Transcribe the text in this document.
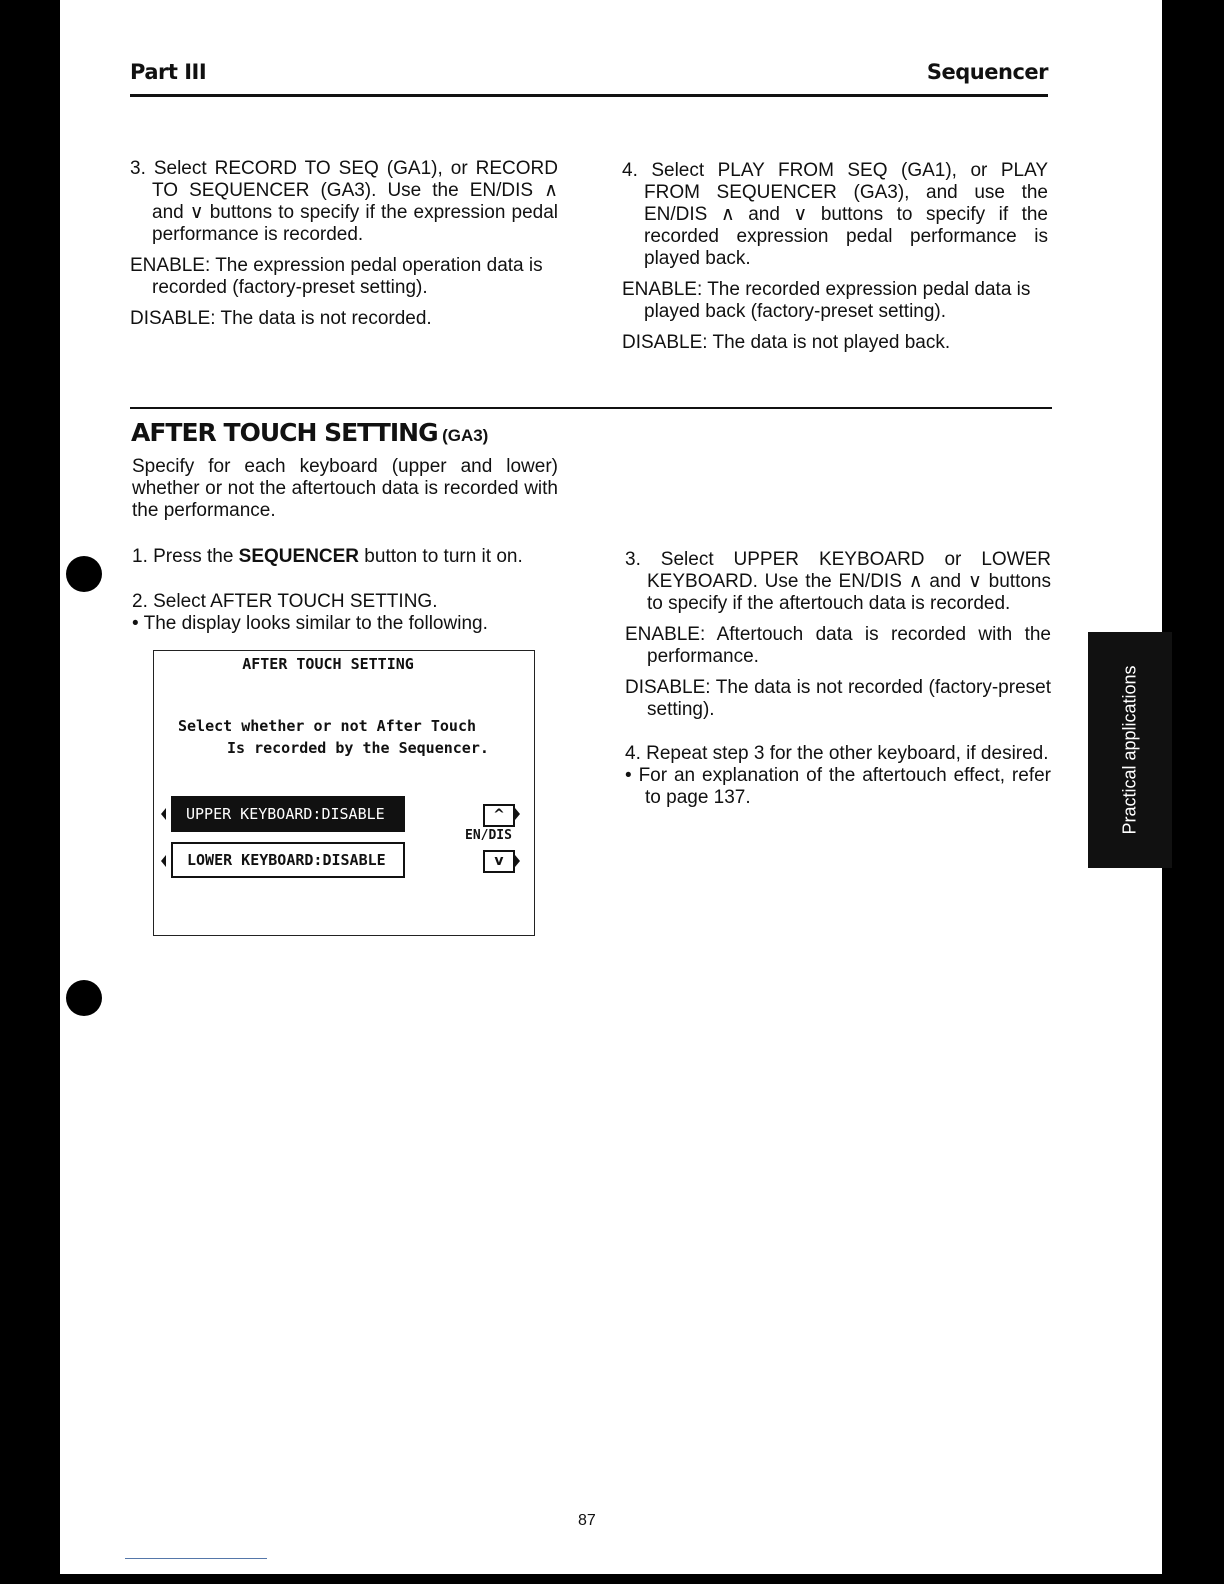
Part III	Sequencer

3. Select RECORD TO SEQ (GA1), or RECORD TO SEQUENCER (GA3). Use the EN/DIS ∧ and ∨ buttons to specify if the expression pedal performance is recorded.

ENABLE: The expression pedal operation data is recorded (factory-preset setting).

DISABLE: The data is not recorded.

4. Select PLAY FROM SEQ (GA1), or PLAY FROM SEQUENCER (GA3), and use the EN/DIS ∧ and ∨ buttons to specify if the recorded expression pedal performance is played back.

ENABLE: The recorded expression pedal data is played back (factory-preset setting).

DISABLE: The data is not played back.

AFTER TOUCH SETTING (GA3)
Specify for each keyboard (upper and lower) whether or not the aftertouch data is recorded with the performance.

1. Press the SEQUENCER button to turn it on.

2. Select AFTER TOUCH SETTING.

• The display looks similar to the following.

AFTER TOUCH SETTING
Select whether or not After Touch
Is recorded by the Sequencer.
UPPER KEYBOARD:DISABLE
LOWER KEYBOARD:DISABLE
^
EN/DIS
v

3. Select UPPER KEYBOARD or LOWER KEYBOARD. Use the EN/DIS ∧ and ∨ buttons to specify if the aftertouch data is recorded.

ENABLE: Aftertouch data is recorded with the performance.

DISABLE: The data is not recorded (factory-preset setting).

4. Repeat step 3 for the other keyboard, if desired.

• For an explanation of the aftertouch effect, refer to page 137.	Practical applications
87
